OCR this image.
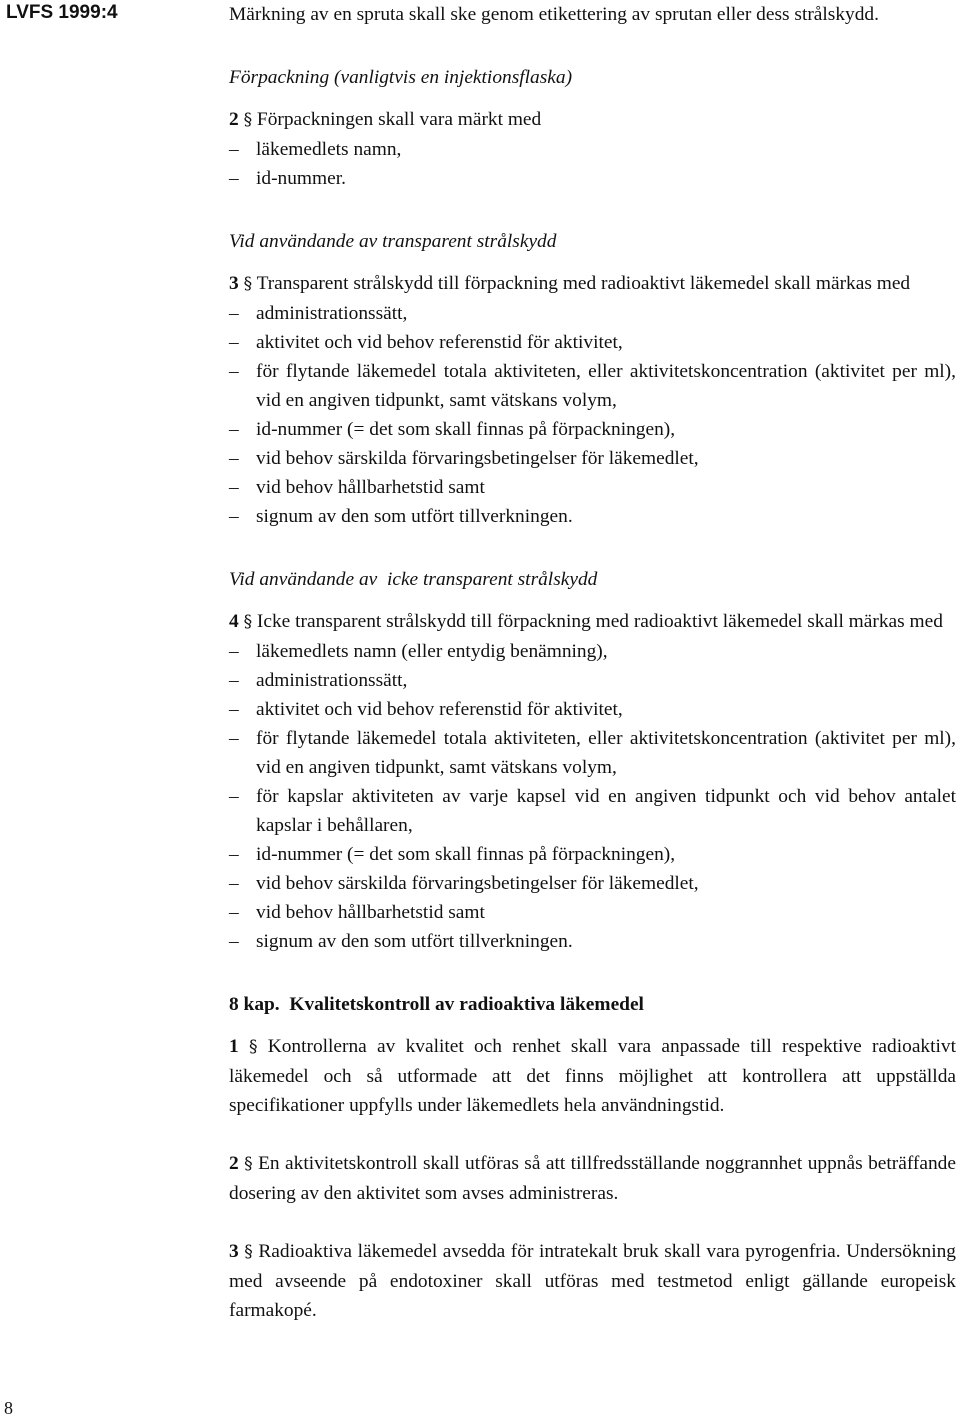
LVFS 1999:4	Märkning av en spruta skall ske genom etikettering av sprutan eller dess strålskydd.

Förpackning (vanligtvis en injektionsflaska)

2 § Förpackningen skall vara märkt med

– läkemedlets namn,
– id-nummer.

Vid användande av transparent strålskydd

3 § Transparent strålskydd till förpackning med radioaktivt läkemedel skall märkas med

– administrationssätt,
– aktivitet och vid behov referenstid för aktivitet,
– för flytande läkemedel totala aktiviteten, eller aktivitetskoncentration (aktivitet per ml), vid en angiven tidpunkt, samt vätskans volym,
– id-nummer (= det som skall finnas på förpackningen),
– vid behov särskilda förvaringsbetingelser för läkemedlet,
– vid behov hållbarhetstid samt
– signum av den som utfört tillverkningen.

Vid användande av  icke transparent strålskydd

4 § Icke transparent strålskydd till förpackning med radioaktivt läkemedel skall märkas med

– läkemedlets namn (eller entydig benämning),
– administrationssätt,
– aktivitet och vid behov referenstid för aktivitet,
– för flytande läkemedel totala aktiviteten, eller aktivitetskoncentration (aktivitet per ml), vid en angiven tidpunkt, samt vätskans volym,
– för kapslar aktiviteten av varje kapsel vid en angiven tidpunkt och vid behov antalet kapslar i behållaren,
– id-nummer (= det som skall finnas på förpackningen),
– vid behov särskilda förvaringsbetingelser för läkemedlet,
– vid behov hållbarhetstid samt
– signum av den som utfört tillverkningen.

8 kap. Kvalitetskontroll av radioaktiva läkemedel

1 § Kontrollerna av kvalitet och renhet skall vara anpassade till respektive radioaktivt läkemedel och så utformade att det finns möjlighet att kontrollera att uppställda specifikationer uppfylls under läkemedlets hela användningstid.

2 § En aktivitetskontroll skall utföras så att tillfredsställande noggrannhet uppnås beträffande dosering av den aktivitet som avses administreras.

3 § Radioaktiva läkemedel avsedda för intratekalt bruk skall vara pyrogenfria. Undersökning med avseende på endotoxiner skall utföras med testmetod enligt gällande europeisk farmakopé.

8
